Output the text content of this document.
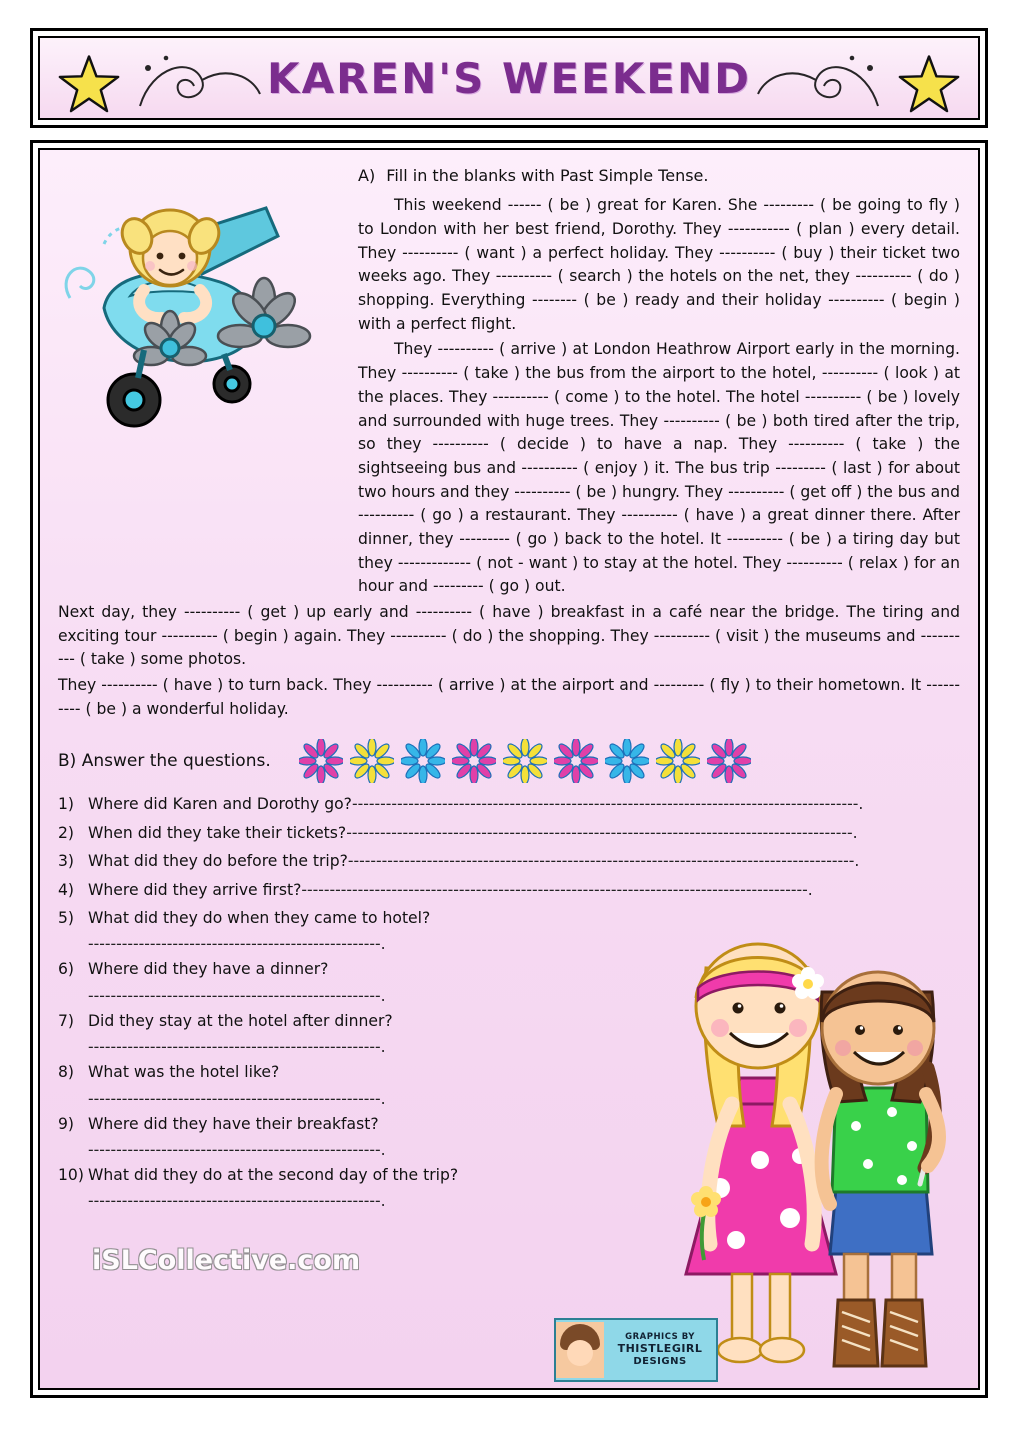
KAREN'S WEEKEND
A) Fill in the blanks with Past Simple Tense.

This weekend ------ ( be ) great for Karen. She --------- ( be going to fly ) to London with her best friend, Dorothy. They ----------- ( plan ) every detail. They ---------- ( want ) a perfect holiday. They ---------- ( buy ) their ticket two weeks ago. They ---------- ( search ) the hotels on the net, they ---------- ( do ) shopping. Everything -------- ( be ) ready and their holiday ---------- ( begin ) with a perfect flight.

They ---------- ( arrive ) at London Heathrow Airport early in the morning. They ---------- ( take ) the bus from the airport to the hotel, ---------- ( look ) at the places. They ---------- ( come ) to the hotel. The hotel ---------- ( be ) lovely and surrounded with huge trees. They ---------- ( be ) both tired after the trip, so they ---------- ( decide ) to have a nap. They ---------- ( take ) the sightseeing bus and ---------- ( enjoy ) it. The bus trip --------- ( last ) for about two hours and they ---------- ( be ) hungry. They ---------- ( get off ) the bus and ---------- ( go ) a restaurant. They ---------- ( have ) a great dinner there. After dinner, they --------- ( go ) back to the hotel. It ---------- ( be ) a tiring day but they ------------- ( not - want ) to stay at the hotel. They ---------- ( relax ) for an hour and --------- ( go ) out.

Next day, they ---------- ( get ) up early and ---------- ( have ) breakfast in a café near the bridge. The tiring and exciting tour ---------- ( begin ) again. They ---------- ( do ) the shopping. They ---------- ( visit ) the museums and ---------- ( take ) some photos.

They ---------- ( have ) to turn back. They ---------- ( arrive ) at the airport and --------- ( fly ) to their hometown. It ---------- ( be ) a wonderful holiday.

B) Answer the questions.
1) Where did Karen and Dorothy go? ------------------------------------------------------------------------------------------.
2) When did they take their tickets? ------------------------------------------------------------------------------------------.
3) What did they do before the trip? ------------------------------------------------------------------------------------------.
4) Where did they arrive first? ------------------------------------------------------------------------------------------.
5) What did they do when they came to hotel?
----------------------------------------------------.
6) Where did they have a dinner?
----------------------------------------------------.
7) Did they stay at the hotel after dinner?
----------------------------------------------------.
8) What was the hotel like?
----------------------------------------------------.
9) Where did they have their breakfast?
----------------------------------------------------.
10) What did they do at the second day of the trip?
----------------------------------------------------.
iSLCollective.com
GRAPHICS BY
THISTLEGIRL
DESIGNS
